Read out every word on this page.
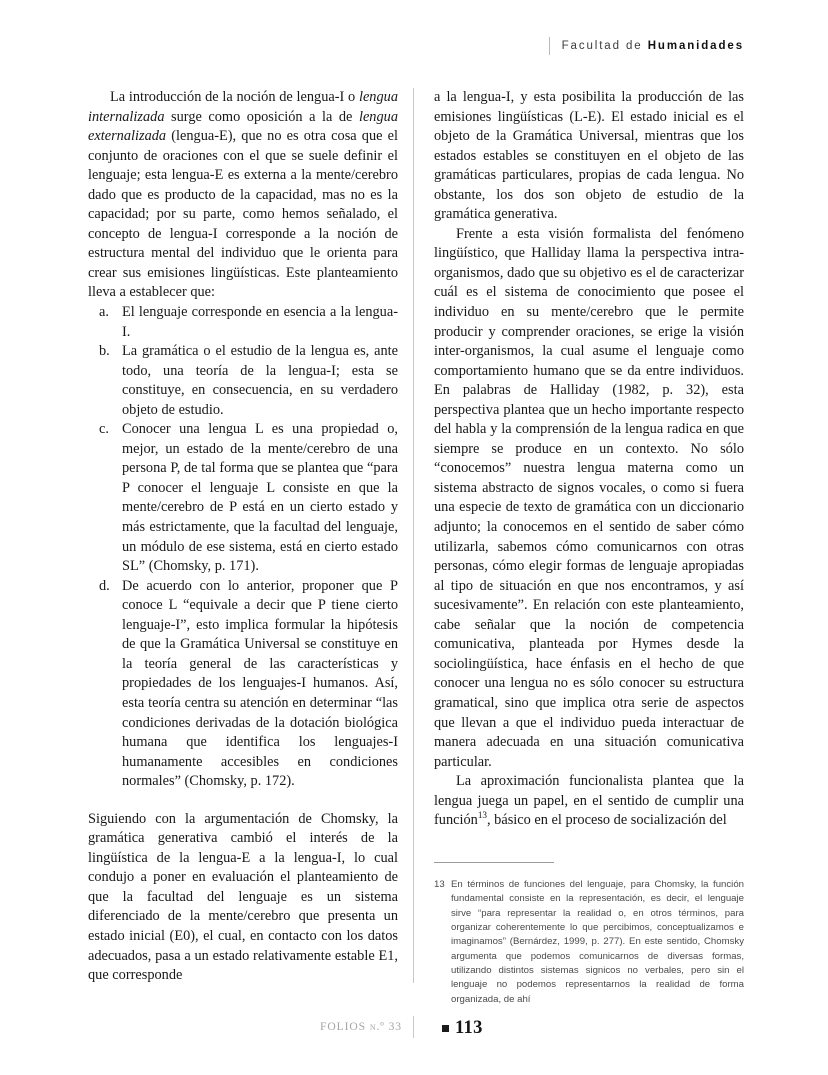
Facultad de Humanidades

La introducción de la noción de lengua-I o lengua internalizada surge como oposición a la de lengua externalizada (lengua-E), que no es otra cosa que el conjunto de oraciones con el que se suele definir el lenguaje; esta lengua-E es externa a la mente/cerebro dado que es producto de la capacidad, mas no es la capacidad; por su parte, como hemos señalado, el concepto de lengua-I corresponde a la noción de estructura mental del individuo que le orienta para crear sus emisiones lingüísticas. Este planteamiento lleva a establecer que:

a. El lenguaje corresponde en esencia a la lengua-I.
b. La gramática o el estudio de la lengua es, ante todo, una teoría de la lengua-I; esta se constituye, en consecuencia, en su verdadero objeto de estudio.
c. Conocer una lengua L es una propiedad o, mejor, un estado de la mente/cerebro de una persona P, de tal forma que se plantea que “para P conocer el lenguaje L consiste en que la mente/cerebro de P está en un cierto estado y más estrictamente, que la facultad del lenguaje, un módulo de ese sistema, está en cierto estado SL” (Chomsky, p. 171).
d. De acuerdo con lo anterior, proponer que P conoce L “equivale a decir que P tiene cierto lenguaje-I”, esto implica formular la hipótesis de que la Gramática Universal se constituye en la teoría general de las características y propiedades de los lenguajes-I humanos. Así, esta teoría centra su atención en determinar “las condiciones derivadas de la dotación biológica humana que identifica los lenguajes-I humanamente accesibles en condiciones normales” (Chomsky, p. 172).

Siguiendo con la argumentación de Chomsky, la gramática generativa cambió el interés de la lingüística de la lengua-E a la lengua-I, lo cual condujo a poner en evaluación el planteamiento de que la facultad del lenguaje es un sistema diferenciado de la mente/cerebro que presenta un estado inicial (E0), el cual, en contacto con los datos adecuados, pasa a un estado relativamente estable E1, que corresponde

a la lengua-I, y esta posibilita la producción de las emisiones lingüísticas (L-E). El estado inicial es el objeto de la Gramática Universal, mientras que los estados estables se constituyen en el objeto de las gramáticas particulares, propias de cada lengua. No obstante, los dos son objeto de estudio de la gramática generativa.

Frente a esta visión formalista del fenómeno lingüístico, que Halliday llama la perspectiva intra-organismos, dado que su objetivo es el de caracterizar cuál es el sistema de conocimiento que posee el individuo en su mente/cerebro que le permite producir y comprender oraciones, se erige la visión inter-organismos, la cual asume el lenguaje como comportamiento humano que se da entre individuos. En palabras de Halliday (1982, p. 32), esta perspectiva plantea que un hecho importante respecto del habla y la comprensión de la lengua radica en que siempre se produce en un contexto. No sólo “conocemos” nuestra lengua materna como un sistema abstracto de signos vocales, o como si fuera una especie de texto de gramática con un diccionario adjunto; la conocemos en el sentido de saber cómo utilizarla, sabemos cómo comunicarnos con otras personas, cómo elegir formas de lenguaje apropiadas al tipo de situación en que nos encontramos, y así sucesivamente”. En relación con este planteamiento, cabe señalar que la noción de competencia comunicativa, planteada por Hymes desde la sociolingüística, hace énfasis en el hecho de que conocer una lengua no es sólo conocer su estructura gramatical, sino que implica otra serie de aspectos que llevan a que el individuo pueda interactuar de manera adecuada en una situación comunicativa particular.

La aproximación funcionalista plantea que la lengua juega un papel, en el sentido de cumplir una función$^{13}$, básico en el proceso de socialización del

13 En términos de funciones del lenguaje, para Chomsky, la función fundamental consiste en la representación, es decir, el lenguaje sirve “para representar la realidad o, en otros términos, para organizar coherentemente lo que percibimos, conceptualizamos e imaginamos” (Bernárdez, 1999, p. 277). En este sentido, Chomsky argumenta que podemos comunicarnos de diversas formas, utilizando distintos sistemas signicos no verbales, pero sin el lenguaje no podemos representarnos la realidad de forma organizada, de ahí
FOLIOS n.º 33	113
